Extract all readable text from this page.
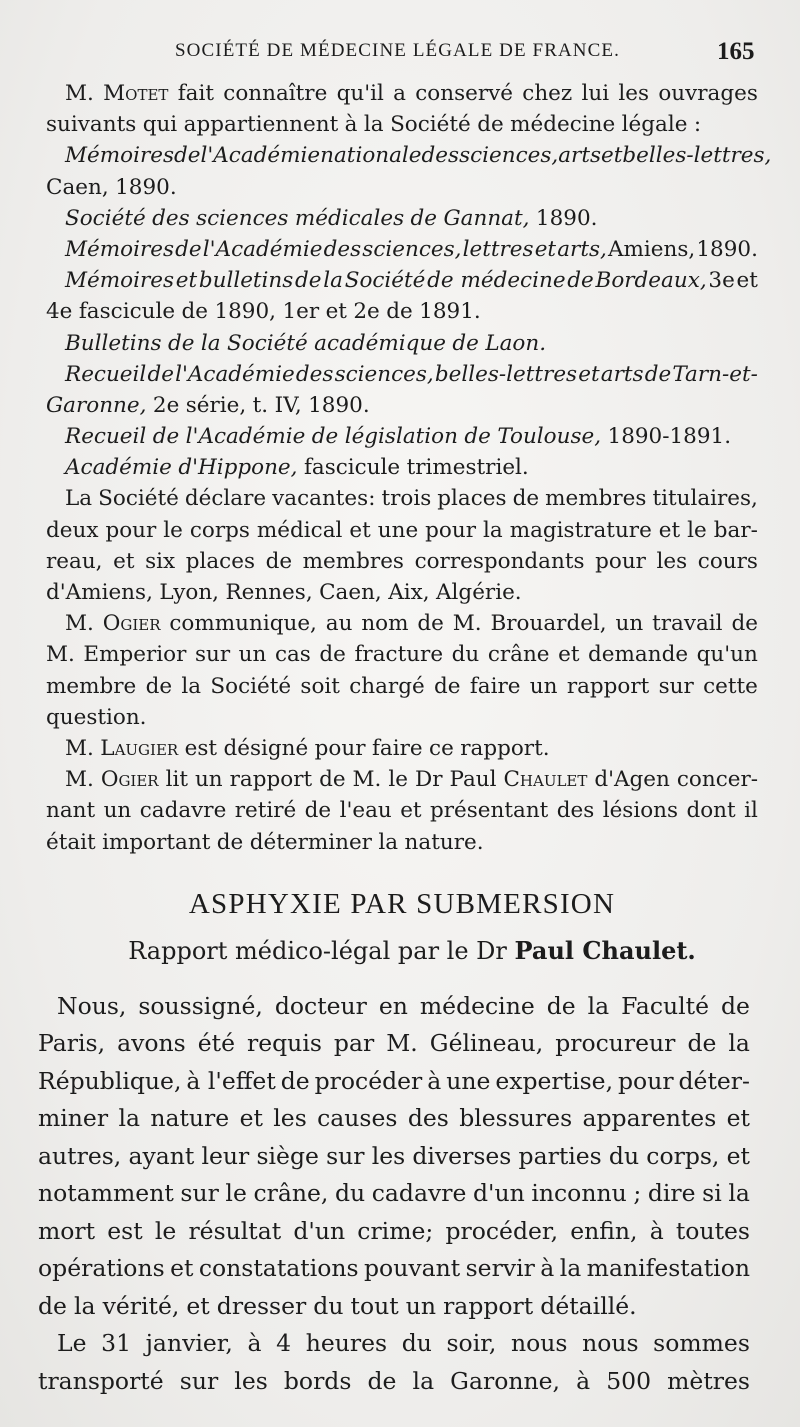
SOCIÉTÉ DE MÉDECINE LÉGALE DE FRANCE.	165
M. Motet fait connaître qu'il a conservé chez lui les ouvrages
suivants qui appartiennent à la Société de médecine légale :
Mémoires de l'Académie nationale des sciences, arts et belles-lettres,
Caen, 1890.
Société des sciences médicales de Gannat, 1890.
Mémoires de l'Académie des sciences, lettres et arts, Amiens, 1890.
Mémoires et bulletins de la Société de médecine de Bordeaux, 3e et
4e fascicule de 1890, 1er et 2e de 1891.
Bulletins de la Société académique de Laon.
Recueil de l'Académie des sciences, belles-lettres et arts de Tarn-et-
Garonne, 2e série, t. IV, 1890.
Recueil de l'Académie de législation de Toulouse, 1890-1891.
Académie d'Hippone, fascicule trimestriel.
La Société déclare vacantes: trois places de membres titulaires,
deux pour le corps médical et une pour la magistrature et le bar-
reau, et six places de membres correspondants pour les cours
d'Amiens, Lyon, Rennes, Caen, Aix, Algérie.
M. Ogier communique, au nom de M. Brouardel, un travail de
M. Emperior sur un cas de fracture du crâne et demande qu'un
membre de la Société soit chargé de faire un rapport sur cette
question.
M. Laugier est désigné pour faire ce rapport.
M. Ogier lit un rapport de M. le Dr Paul Chaulet d'Agen concer-
nant un cadavre retiré de l'eau et présentant des lésions dont il
était important de déterminer la nature.
ASPHYXIE PAR SUBMERSION
Rapport médico-légal par le Dr Paul Chaulet.
Nous, soussigné, docteur en médecine de la Faculté de
Paris, avons été requis par M. Gélineau, procureur de la
République, à l'effet de procéder à une expertise, pour déter-
miner la nature et les causes des blessures apparentes et
autres, ayant leur siège sur les diverses parties du corps, et
notamment sur le crâne, du cadavre d'un inconnu ; dire si la
mort est le résultat d'un crime; procéder, enfin, à toutes
opérations et constatations pouvant servir à la manifestation
de la vérité, et dresser du tout un rapport détaillé.
Le 31 janvier, à 4 heures du soir, nous nous sommes
transporté sur les bords de la Garonne, à 500 mètres
